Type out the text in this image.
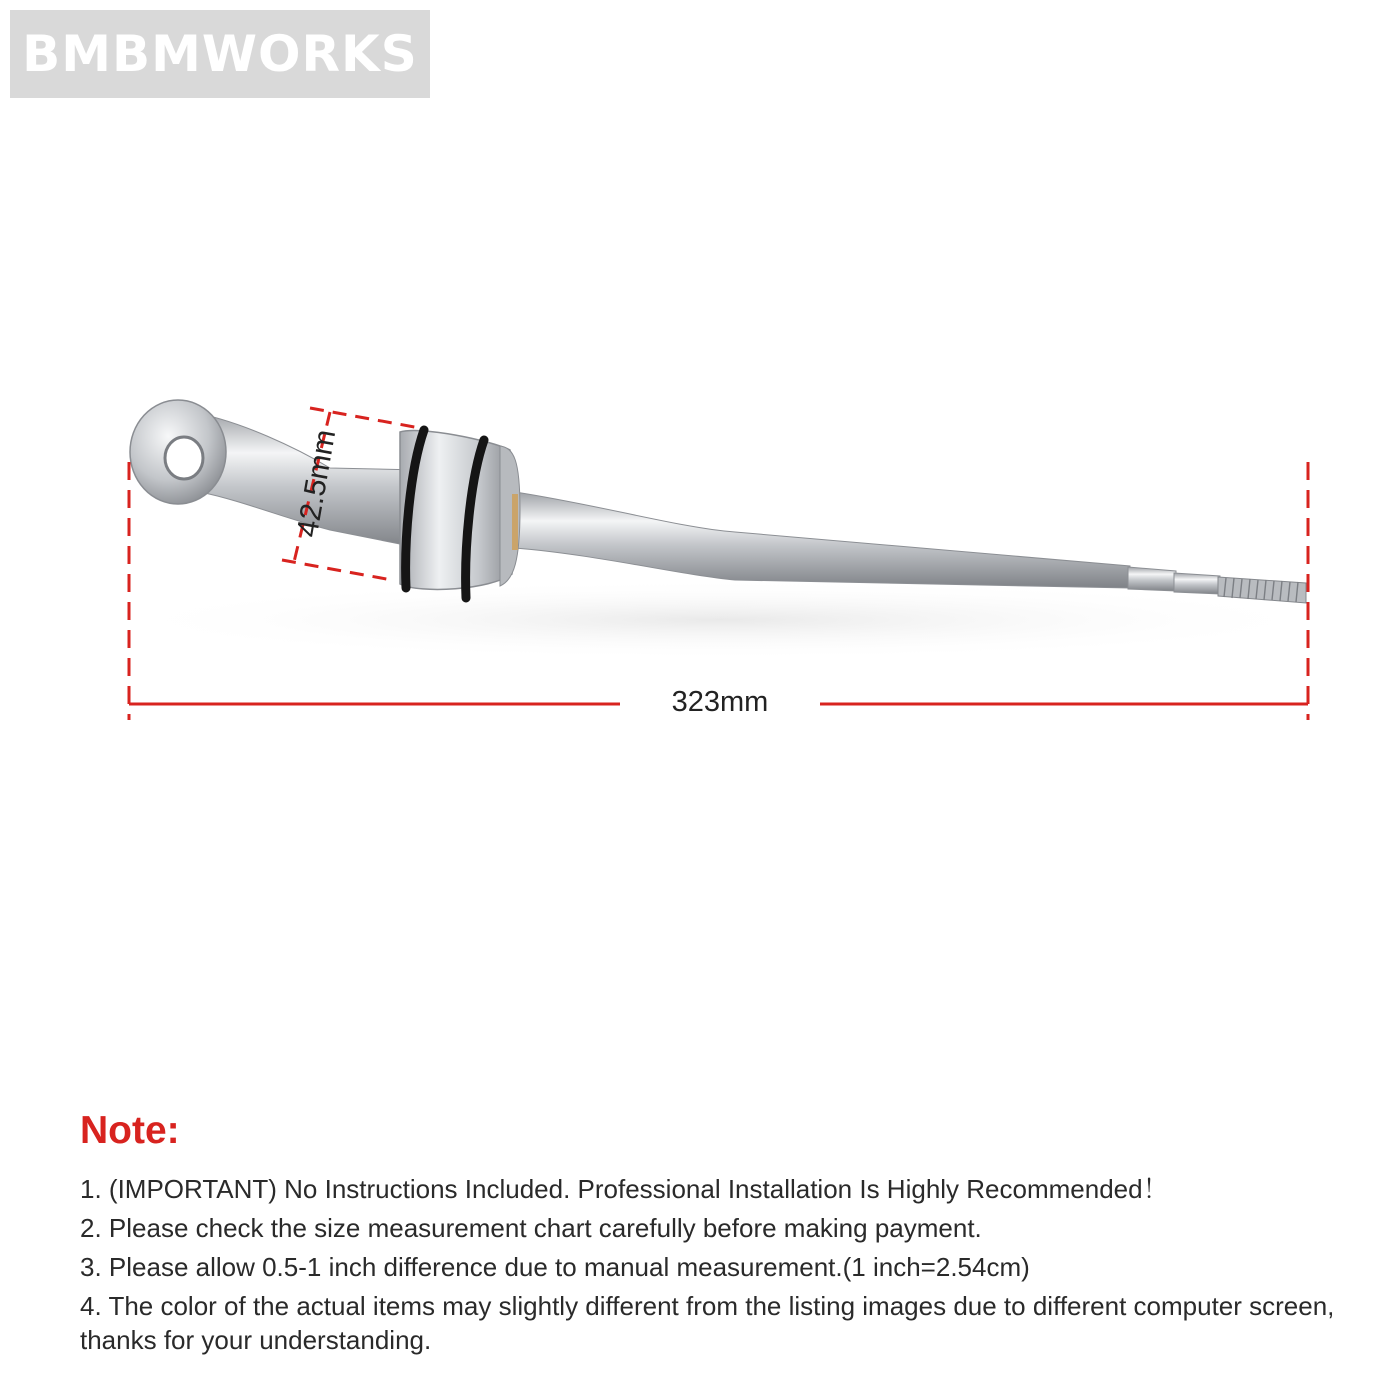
BMBMWORKS
323mm
42.5mm
Note:
1. (IMPORTANT) No Instructions Included. Professional Installation Is Highly Recommended！
2. Please check the size measurement chart carefully before making payment.
3. Please allow 0.5-1 inch difference due to manual measurement.(1 inch=2.54cm)
4. The color of the actual items may slightly different from the listing images due to different computer screen, thanks for your understanding.
